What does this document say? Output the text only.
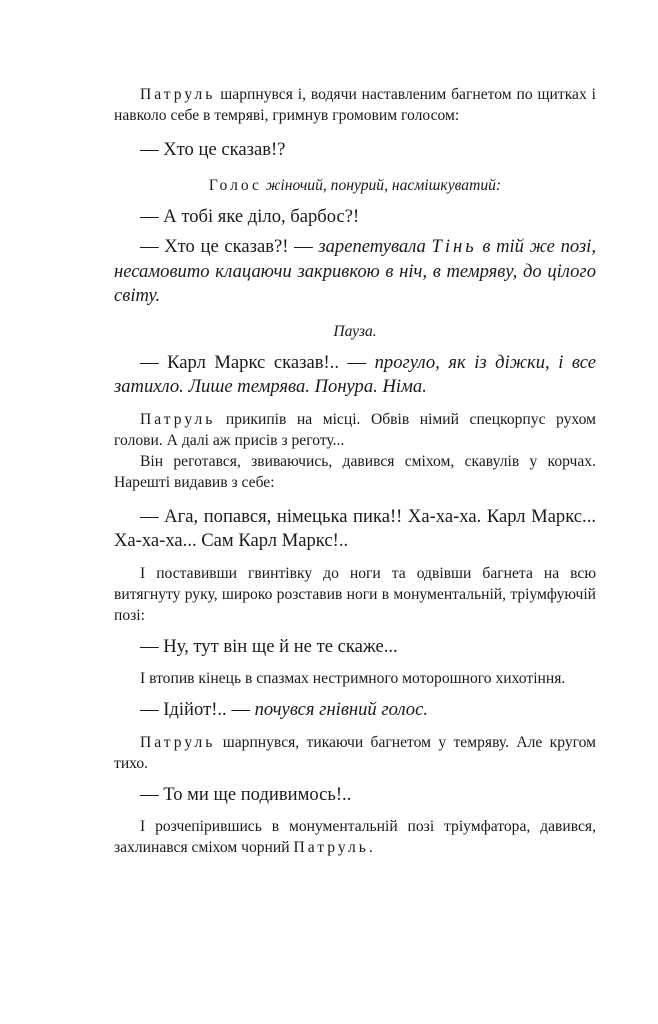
Патруль шарпнувся і, водячи наставленим багнетом по щитках і навколо себе в темряві, гримнув громовим голосом:

— Хто це сказав!?

Голос жіночий, понурий, насмішкуватий:

— А тобі яке діло, барбос?!

— Хто це сказав?! — зарепетувала Тінь в тій же позі, несамовито клацаючи закривкою в ніч, в темряву, до цілого світу.

Пауза.

— Карл Маркс сказав!.. — прогуло, як із діжки, і все затихло. Лише темрява. Понура. Німа.

Патруль прикипів на місці. Обвів німий спецкорпус рухом голови. А далі аж присів з реготу...

Він реготався, звиваючись, давився сміхом, скавулів у корчах. Нарешті видавив з себе:

— Ага, попався, німецька пика!! Ха-ха-ха. Карл Маркс... Ха-ха-ха... Сам Карл Маркс!..

І поставивши гвинтівку до ноги та одвівши багнета на всю витягнуту руку, широко розставив ноги в монументальній, тріумфуючій позі:

— Ну, тут він ще й не те скаже...

І втопив кінець в спазмах нестримного моторошного хихотіння.

— Ідійот!.. — почувся гнівний голос.

Патруль шарпнувся, тикаючи багнетом у темряву. Але кругом тихо.

— То ми ще подивимось!..

І розчепірившись в монументальній позі тріумфатора, давився, захлинався сміхом чорний Патруль.
